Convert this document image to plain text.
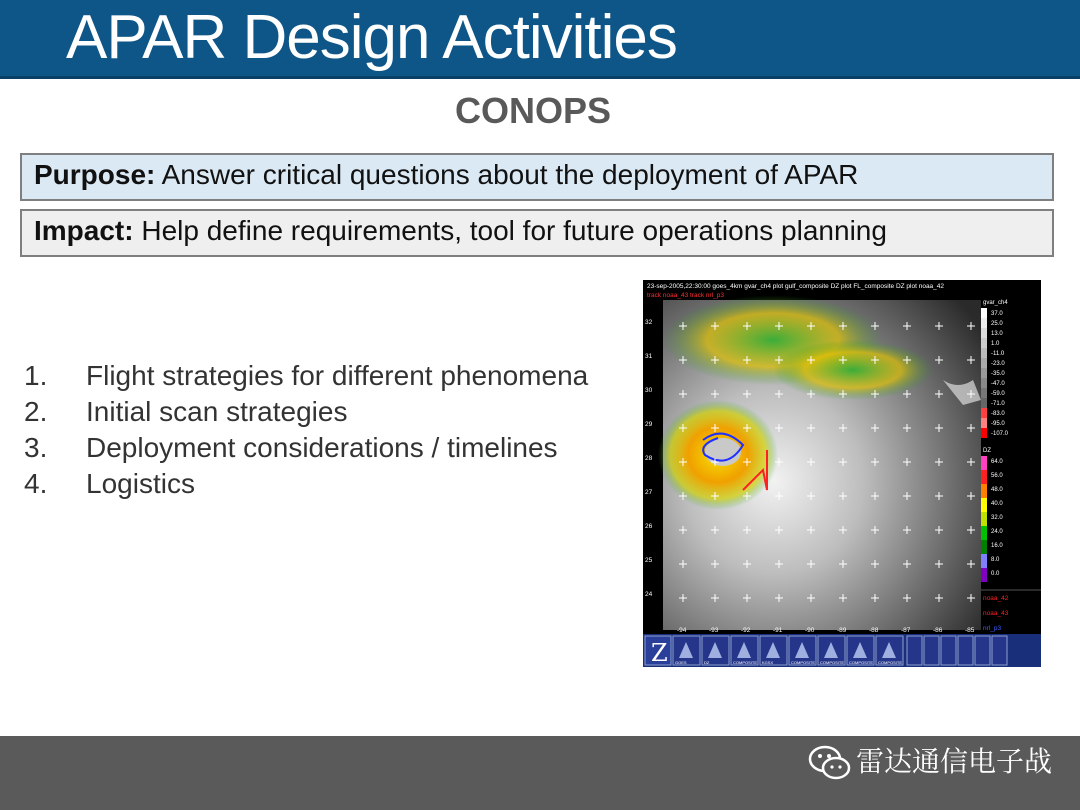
APAR Design Activities
CONOPS
Purpose: Answer critical questions about the deployment of APAR
Impact: Help define requirements, tool for future operations planning
1. Flight strategies for different phenomena
2. Initial scan strategies
3. Deployment considerations / timelines
4. Logistics
23-sep-2005,22:30:00 goes_4km gvar_ch4 plot gulf_composite DZ plot FL_composite DZ plot noaa_42
track noaa_43 track nrl_p3
32
31
30
29
28
27
26
25
24
-94	-93	-92	-91	-90	-89	-88	-87	-86	-85
gvar_ch4
37.0
25.0
13.0
1.0
-11.0
-23.0
-35.0
-47.0
-59.0
-71.0
-83.0
-95.0
-107.0
DZ
64.0
56.0
48.0
40.0
32.0
24.0
16.0
8.0
0.0
noaa_42
noaa_43
nrl_p3
Z GOES	DZ	COMPOSITE KGSX	COMPOSITE COMPOSITE COMPOSITE COMPOSITE
雷达通信电子战
